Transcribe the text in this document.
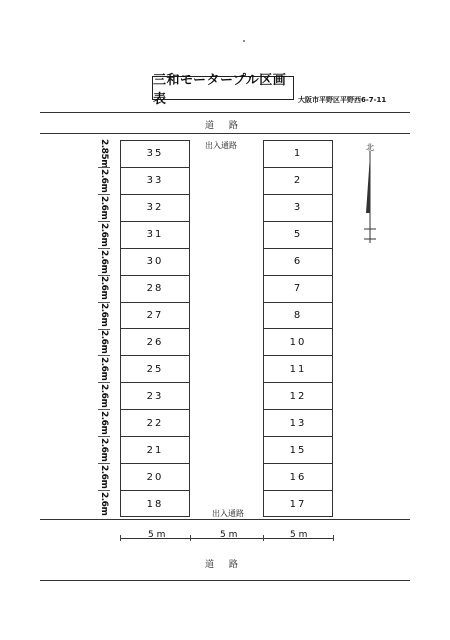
三和モータープル区画表	大阪市平野区平野西6-7-11
道 路
出入通路
35
33
32
31
30
28
27
26
25
23
22
21
20
18
1
2
3
5
6
7
8
10
11
12
13
15
16
17
2.85m
2.6m
2.6m
2.6m
2.6m
2.6m
2.6m
2.6m
2.6m
2.6m
2.6m
2.6m
2.6m
2.6m	出入通路
5 m	5 m	5 m
道 路
北
